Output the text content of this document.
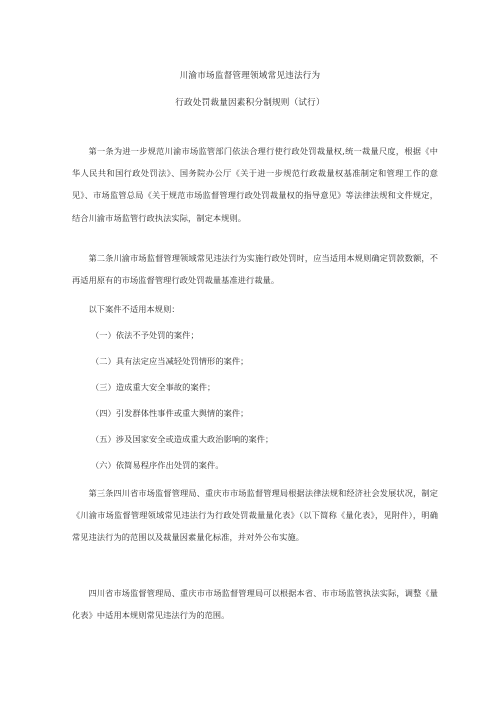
川渝市场监督管理领域常见违法行为
行政处罚裁量因素积分制规则（试行）
第一条为进一步规范川渝市场监管部门依法合理行使行政处罚裁量权,统一裁量尺度，根据《中华人民共和国行政处罚法》、国务院办公厅《关于进一步规范行政裁量权基准制定和管理工作的意见》、市场监管总局《关于规范市场监督管理行政处罚裁量权的指导意见》等法律法规和文件规定，结合川渝市场监管行政执法实际，制定本规则。
第二条川渝市场监督管理领域常见违法行为实施行政处罚时，应当适用本规则确定罚款数额，不再适用原有的市场监督管理行政处罚裁量基准进行裁量。
以下案件不适用本规则：
（一）依法不予处罚的案件；
（二）具有法定应当减轻处罚情形的案件；
（三）造成重大安全事故的案件；
（四）引发群体性事件或重大舆情的案件；
（五）涉及国家安全或造成重大政治影响的案件；
（六）依简易程序作出处罚的案件。
第三条四川省市场监督管理局、重庆市市场监督管理局根据法律法规和经济社会发展状况，制定《川渝市场监督管理领域常见违法行为行政处罚裁量量化表》（以下简称《量化表》，见附件），明确常见违法行为的范围以及裁量因素量化标准，并对外公布实施。
四川省市场监督管理局、重庆市市场监督管理局可以根据本省、市市场监管执法实际，调整《量化表》中适用本规则常见违法行为的范围。
